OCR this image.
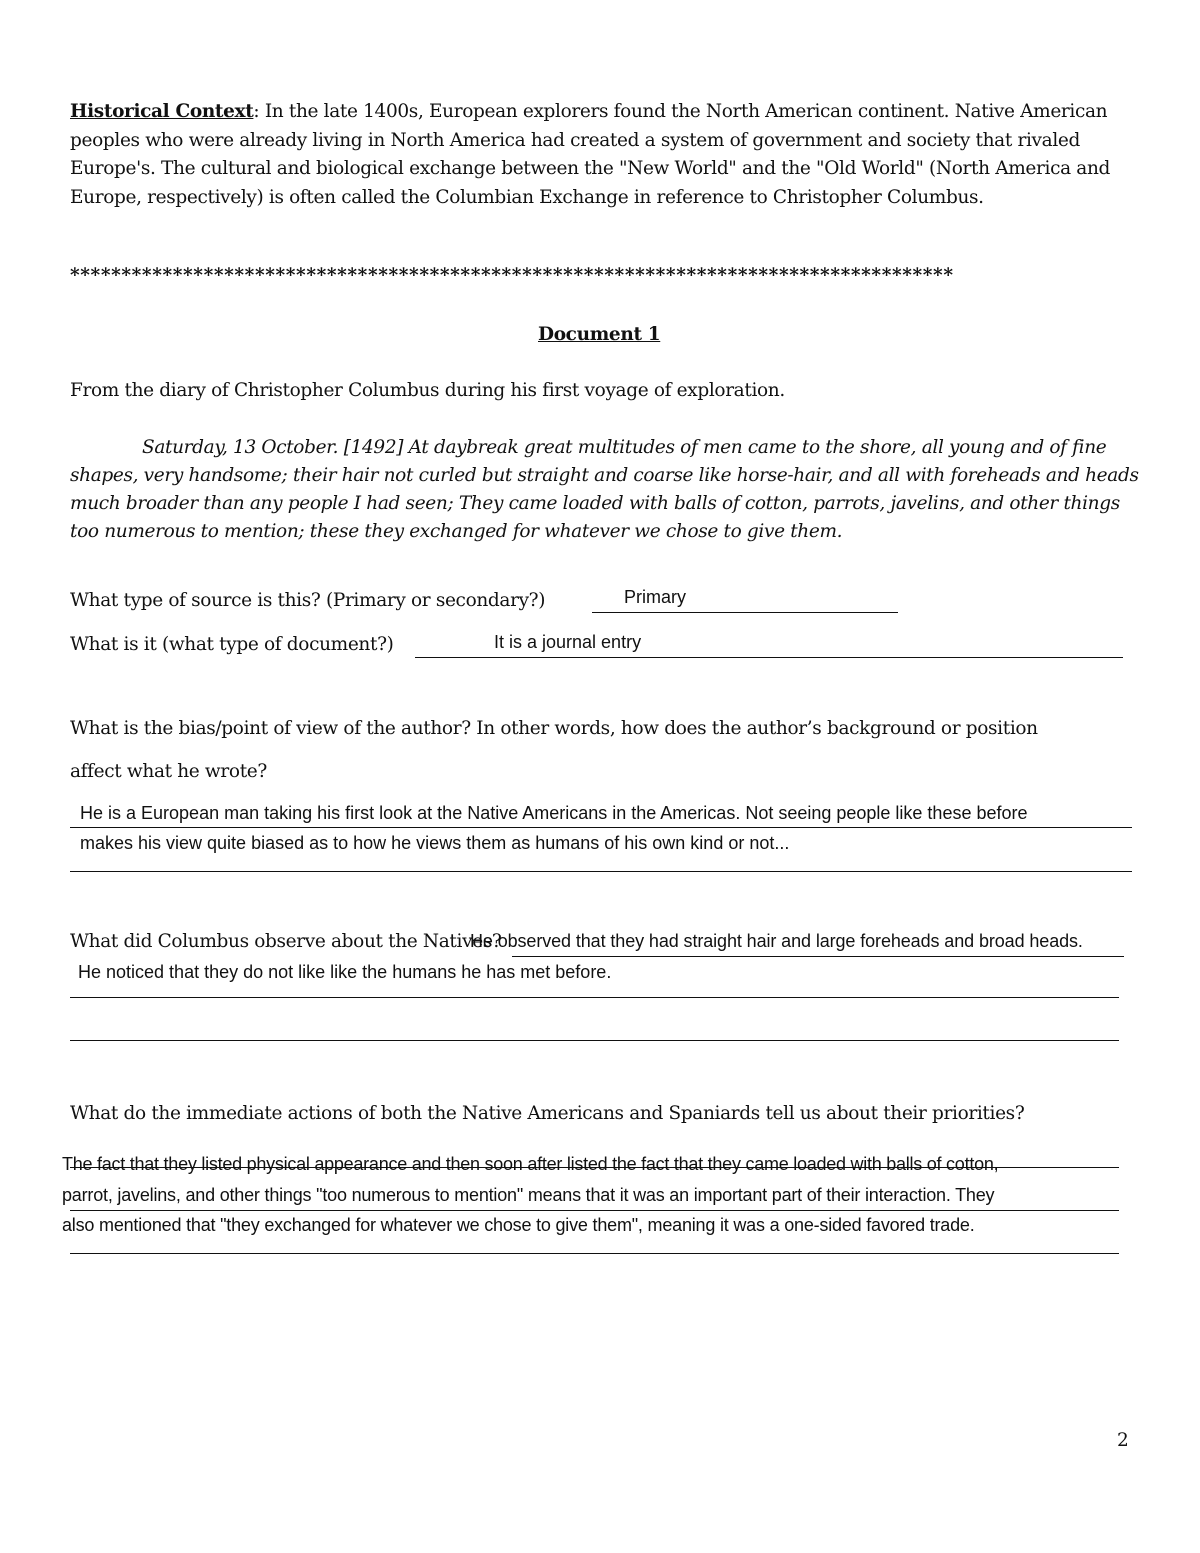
Historical Context: In the late 1400s, European explorers found the North American continent. Native American peoples who were already living in North America had created a system of government and society that rivaled Europe's. The cultural and biological exchange between the "New World" and the "Old World" (North America and Europe, respectively) is often called the Columbian Exchange in reference to Christopher Columbus.
**************************************************************************************
Document 1
From the diary of Christopher Columbus during his first voyage of exploration.
Saturday, 13 October. [1492] At daybreak great multitudes of men came to the shore, all young and of fine shapes, very handsome; their hair not curled but straight and coarse like horse-hair, and all with foreheads and heads much broader than any people I had seen; They came loaded with balls of cotton, parrots, javelins, and other things too numerous to mention; these they exchanged for whatever we chose to give them.
What type of source is this? (Primary or secondary?)	Primary
What is it (what type of document?)	It is a journal entry
What is the bias/point of view of the author? In other words, how does the author’s background or position
affect what he wrote?
He is a European man taking his first look at the Native Americans in the Americas. Not seeing people like these before
makes his view quite biased as to how he views them as humans of his own kind or not...
What did Columbus observe about the Natives?
He observed that they had straight hair and large foreheads and broad heads.
He noticed that they do not like like the humans he has met before.
What do the immediate actions of both the Native Americans and Spaniards tell us about their priorities?
The fact that they listed physical appearance and then soon after listed the fact that they came loaded with balls of cotton,
parrot, javelins, and other things "too numerous to mention" means that it was an important part of their interaction. They
also mentioned that "they exchanged for whatever we chose to give them", meaning it was a one-sided favored trade.
2
